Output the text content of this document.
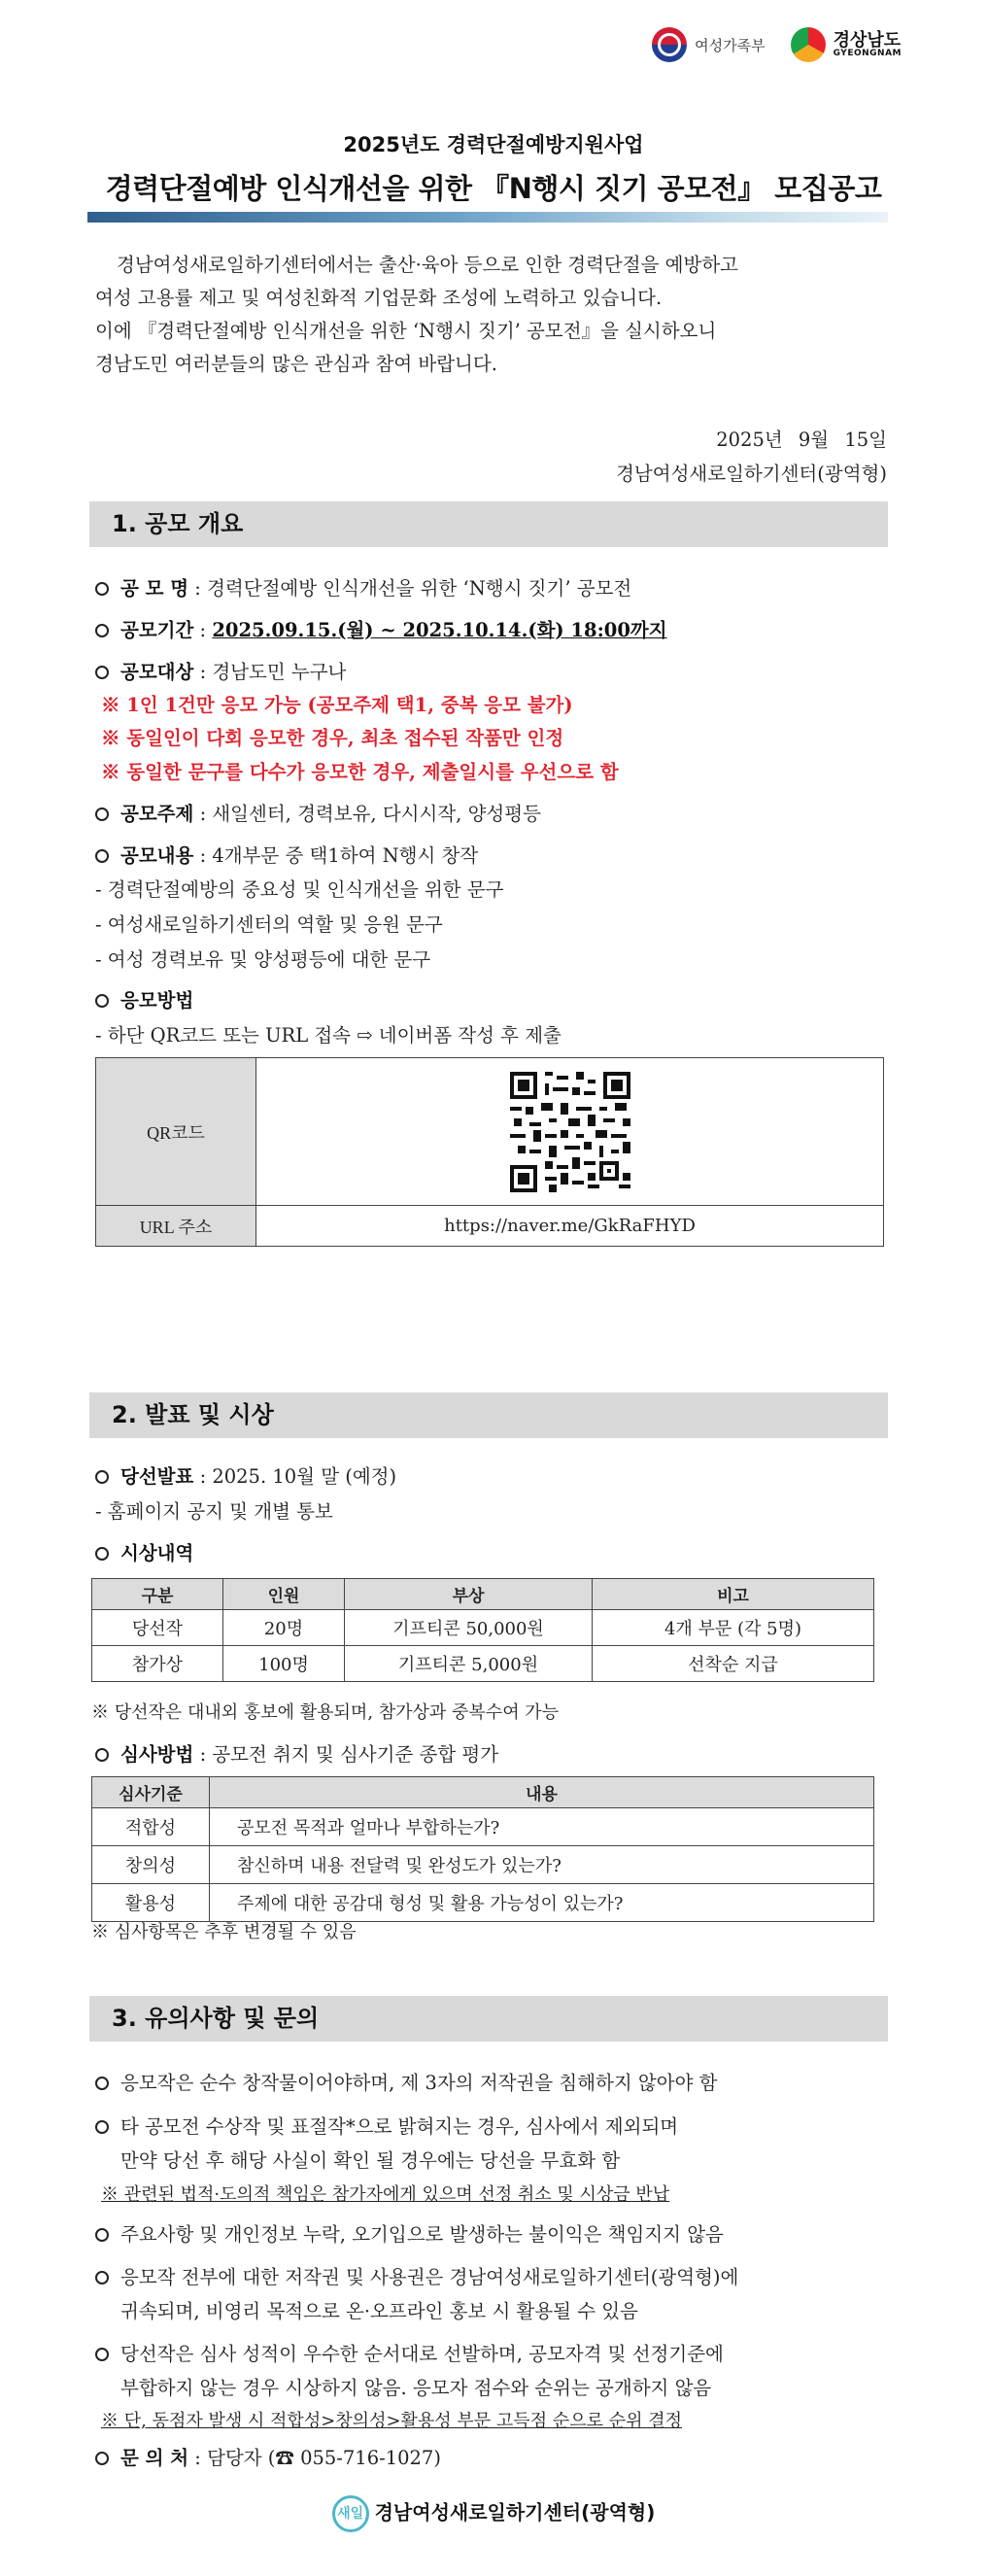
여성가족부	경상남도
GYEONGNAM
2025년도 경력단절예방지원사업
경력단절예방 인식개선을 위한 『N행시 짓기 공모전』 모집공고

경남여성새로일하기센터에서는 출산·육아 등으로 인한 경력단절을 예방하고

여성 고용률 제고 및 여성친화적 기업문화 조성에 노력하고 있습니다.

이에 『경력단절예방 인식개선을 위한 ‘N행시 짓기’ 공모전』을 실시하오니

경남도민 여러분들의 많은 관심과 참여 바랍니다.

2025년 9월 15일
경남여성새로일하기센터(광역형)
1. 공모 개요
공 모 명 : 경력단절예방 인식개선을 위한 ‘N행시 짓기’ 공모전
공모기간 : 2025.09.15.(월) ~ 2025.10.14.(화) 18:00까지
공모대상 : 경남도민 누구나
※ 1인 1건만 응모 가능 (공모주제 택1, 중복 응모 불가)
※ 동일인이 다회 응모한 경우, 최초 접수된 작품만 인정
※ 동일한 문구를 다수가 응모한 경우, 제출일시를 우선으로 함
공모주제 : 새일센터, 경력보유, 다시시작, 양성평등
공모내용 : 4개부문 중 택1하여 N행시 창작
- 경력단절예방의 중요성 및 인식개선을 위한 문구
- 여성새로일하기센터의 역할 및 응원 문구
- 여성 경력보유 및 양성평등에 대한 문구
응모방법
- 하단 QR코드 또는 URL 접속 ⇨ 네이버폼 작성 후 제출
QR코드	

URL 주소	https://naver.me/GkRaFHYD
2. 발표 및 시상
당선발표 : 2025. 10월 말 (예정)
- 홈페이지 공지 및 개별 통보
시상내역
구분	인원	부상	비고
당선작	20명	기프티콘 50,000원	4개 부문 (각 5명)
참가상	100명	기프티콘 5,000원	선착순 지급
※ 당선작은 대내외 홍보에 활용되며, 참가상과 중복수여 가능
심사방법 : 공모전 취지 및 심사기준 종합 평가
심사기준	내용
적합성	공모전 목적과 얼마나 부합하는가?
창의성	참신하며 내용 전달력 및 완성도가 있는가?
활용성	주제에 대한 공감대 형성 및 활용 가능성이 있는가?
※ 심사항목은 추후 변경될 수 있음
3. 유의사항 및 문의
응모작은 순수 창작물이어야하며, 제 3자의 저작권을 침해하지 않아야 함
타 공모전 수상작 및 표절작*으로 밝혀지는 경우, 심사에서 제외되며
만약 당선 후 해당 사실이 확인 될 경우에는 당선을 무효화 함
※ 관련된 법적·도의적 책임은 참가자에게 있으며 선정 취소 및 시상금 반납
주요사항 및 개인정보 누락, 오기입으로 발생하는 불이익은 책임지지 않음
응모작 전부에 대한 저작권 및 사용권은 경남여성새로일하기센터(광역형)에
귀속되며, 비영리 목적으로 온·오프라인 홍보 시 활용될 수 있음
당선작은 심사 성적이 우수한 순서대로 선발하며, 공모자격 및 선정기준에
부합하지 않는 경우 시상하지 않음. 응모자 점수와 순위는 공개하지 않음
※ 단, 동점자 발생 시 적합성>창의성>활용성 부문 고득점 순으로 순위 결정
문 의 처 : 담당자 (☎ 055-716-1027)
새일 경남여성새로일하기센터(광역형)
